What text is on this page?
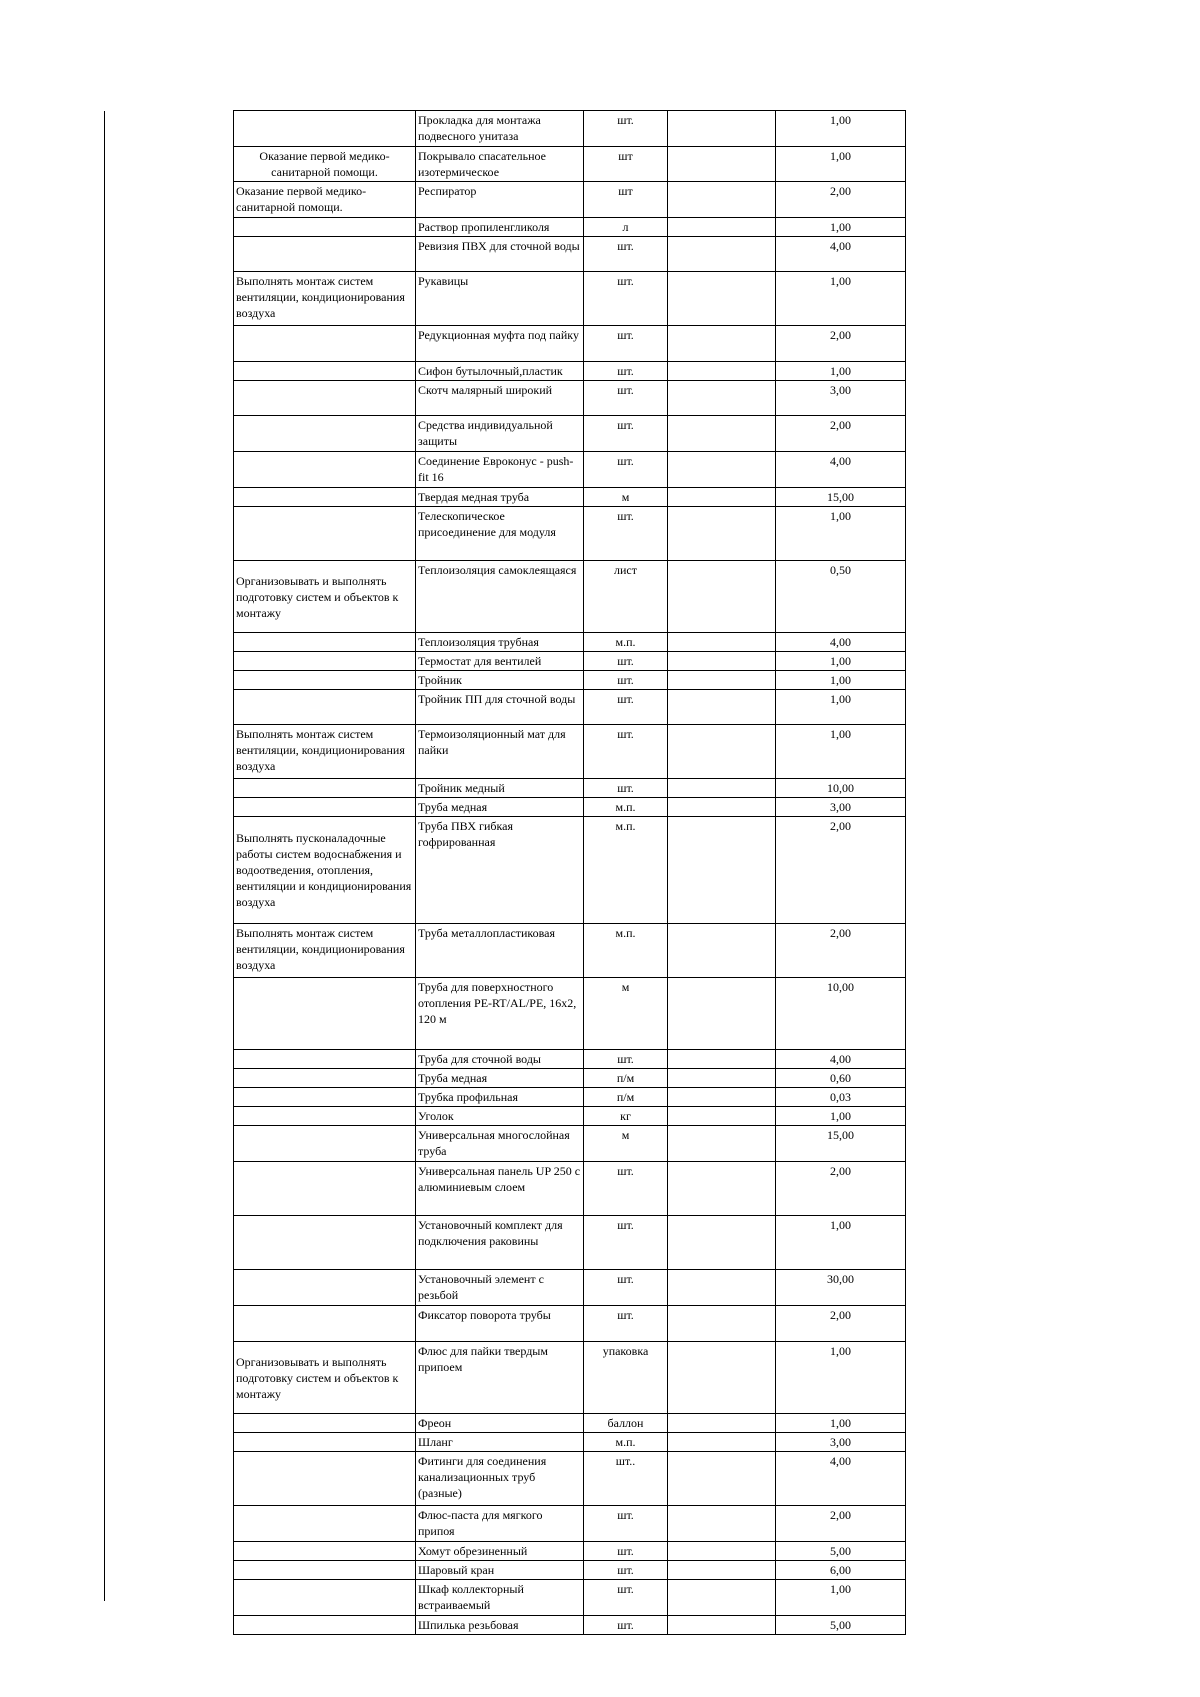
	Прокладка для монтажа подвесного унитаза	шт.		1,00
Оказание первой медико-санитарной помощи.	Покрывало спасательное изотермическое	шт		1,00
Оказание первой медико-санитарной помощи.	Респиратор	шт		2,00
	Раствор пропиленгликоля	л		1,00
	Ревизия ПВХ для сточной воды	шт.		4,00
Выполнять монтаж систем вентиляции, кондиционирования воздуха	Рукавицы	шт.		1,00
	Редукционная муфта под пайку	шт.		2,00
	Сифон бутылочный,пластик	шт.		1,00
	Скотч малярный широкий	шт.		3,00
	Средства индивидуальной защиты	шт.		2,00
	Соединение Евроконус - push-fit 16	шт.		4,00
	Твердая медная труба	м		15,00
	Телескопическое присоединение для модуля	шт.		1,00
Организовывать и выполнять подготовку систем и объектов к монтажу	Теплоизоляция самоклеящаяся	лист		0,50
	Теплоизоляция трубная	м.п.		4,00
	Термостат для вентилей	шт.		1,00
	Тройник	шт.		1,00
	Тройник ПП для сточной воды	шт.		1,00
Выполнять монтаж систем вентиляции, кондиционирования воздуха	Термоизоляционный мат для пайки	шт.		1,00
	Тройник медный	шт.		10,00
	Труба медная	м.п.		3,00
Выполнять пусконаладочные работы систем водоснабжения и водоотведения, отопления, вентиляции и кондиционирования воздуха	Труба ПВХ гибкая гофрированная	м.п.		2,00
Выполнять монтаж систем вентиляции, кондиционирования воздуха	Труба металлопластиковая	м.п.		2,00
	Труба для поверхностного отопления PE-RT/AL/PE, 16x2, 120 м	м		10,00
	Труба для сточной воды	шт.		4,00
	Труба медная	п/м		0,60
	Трубка профильная	п/м		0,03
	Уголок	кг		1,00
	Универсальная многослойная труба	м		15,00
	Универсальная панель UP 250 с алюминиевым слоем	шт.		2,00
	Установочный комплект для подключения раковины	шт.		1,00
	Установочный элемент с резьбой	шт.		30,00
	Фиксатор поворота трубы	шт.		2,00
Организовывать и выполнять подготовку систем и объектов к монтажу	Флюс для пайки твердым припоем	упаковка		1,00
	Фреон	баллон		1,00
	Шланг	м.п.		3,00
	Фитинги для соединения канализационных труб (разные)	шт..		4,00
	Флюс-паста для мягкого припоя	шт.		2,00
	Хомут обрезиненный	шт.		5,00
	Шаровый кран	шт.		6,00
	Шкаф коллекторный встраиваемый	шт.		1,00
	Шпилька резьбовая	шт.		5,00
